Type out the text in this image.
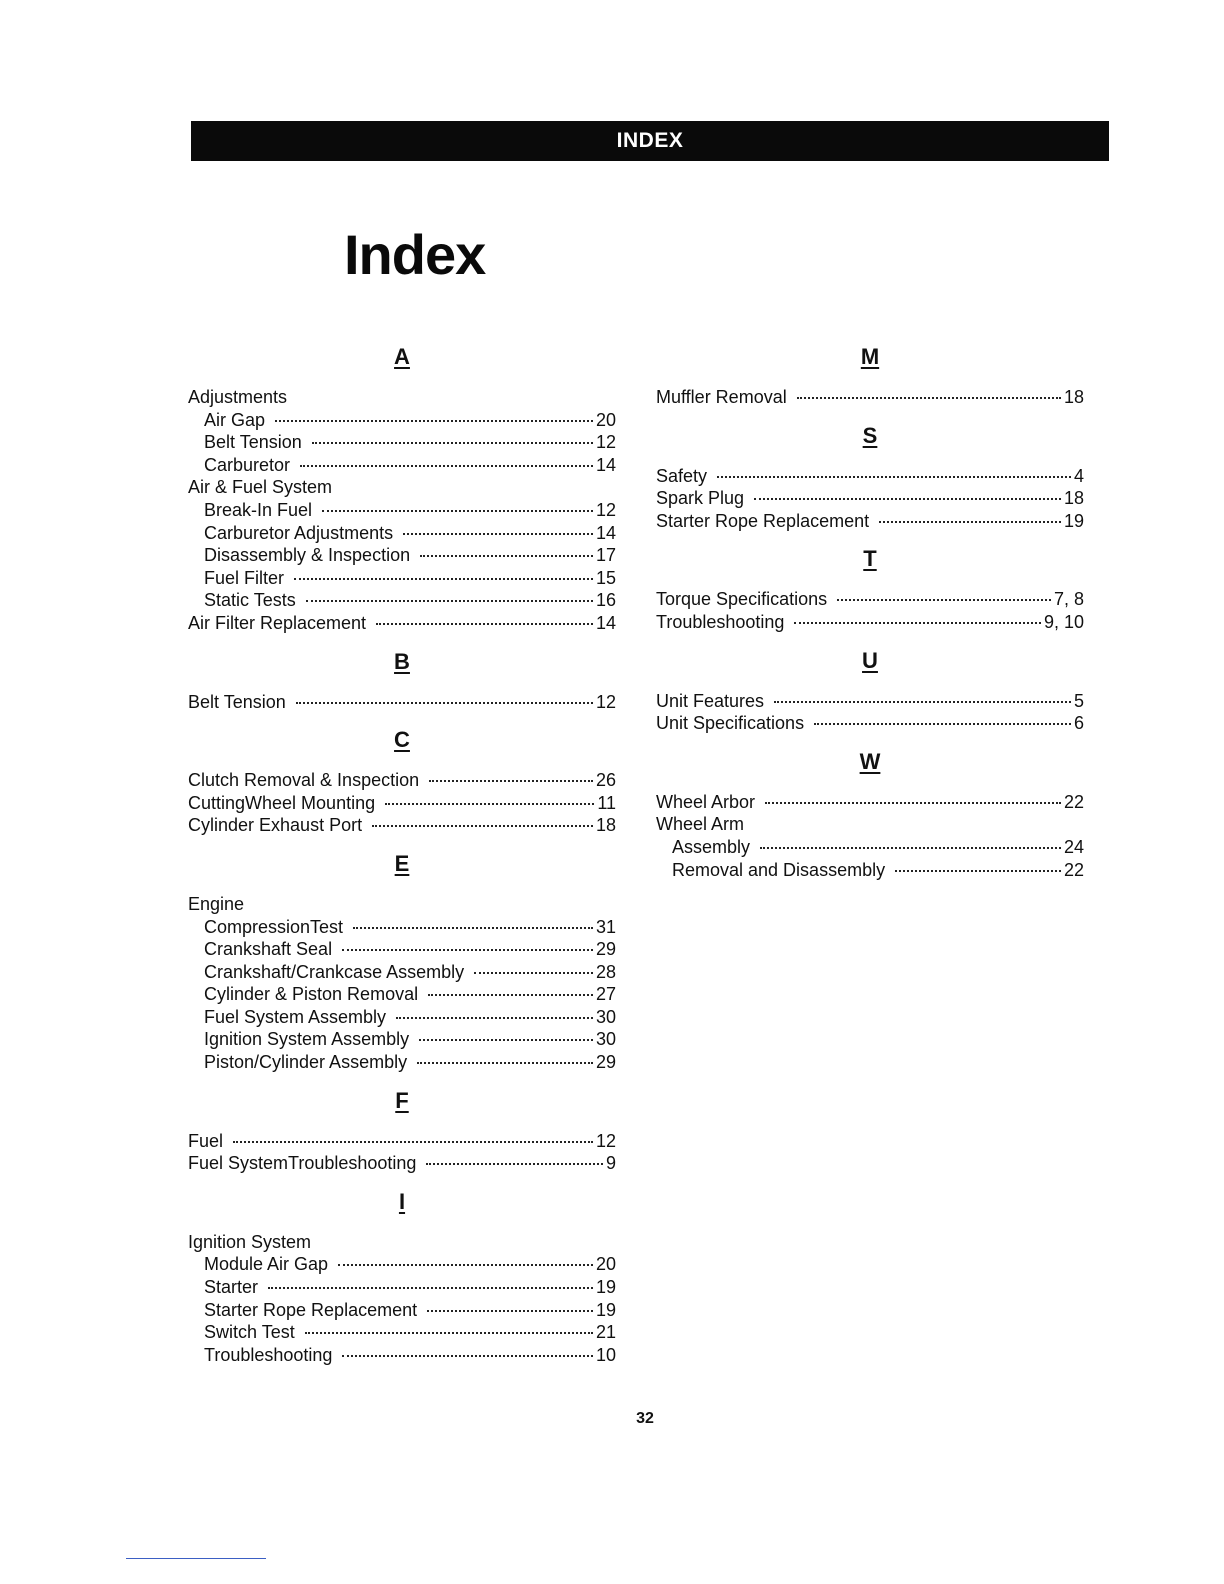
INDEX
Index
A
Adjustments
Air Gap	20
Belt Tension	12
Carburetor	14
Air & Fuel System
Break-In Fuel	12
Carburetor Adjustments	14
Disassembly & Inspection	17
Fuel Filter	15
Static Tests	16
Air Filter Replacement	14
B
Belt Tension	12
C
Clutch Removal & Inspection	26
CuttingWheel Mounting	11
Cylinder Exhaust Port	18
E
Engine
CompressionTest	31
Crankshaft Seal	29
Crankshaft/Crankcase Assembly	28
Cylinder & Piston Removal	27
Fuel System Assembly	30
Ignition System Assembly	30
Piston/Cylinder Assembly	29
F
Fuel	12
Fuel SystemTroubleshooting	9
I
Ignition System
Module Air Gap	20
Starter	19
Starter Rope Replacement	19
Switch Test	21
Troubleshooting	10
M
Muffler Removal	18
S
Safety	4
Spark Plug	18
Starter Rope Replacement	19
T
Torque Specifications	7, 8
Troubleshooting	9, 10
U
Unit Features	5
Unit Specifications	6
W
Wheel Arbor	22
Wheel Arm
Assembly	24
Removal and Disassembly	22
32
